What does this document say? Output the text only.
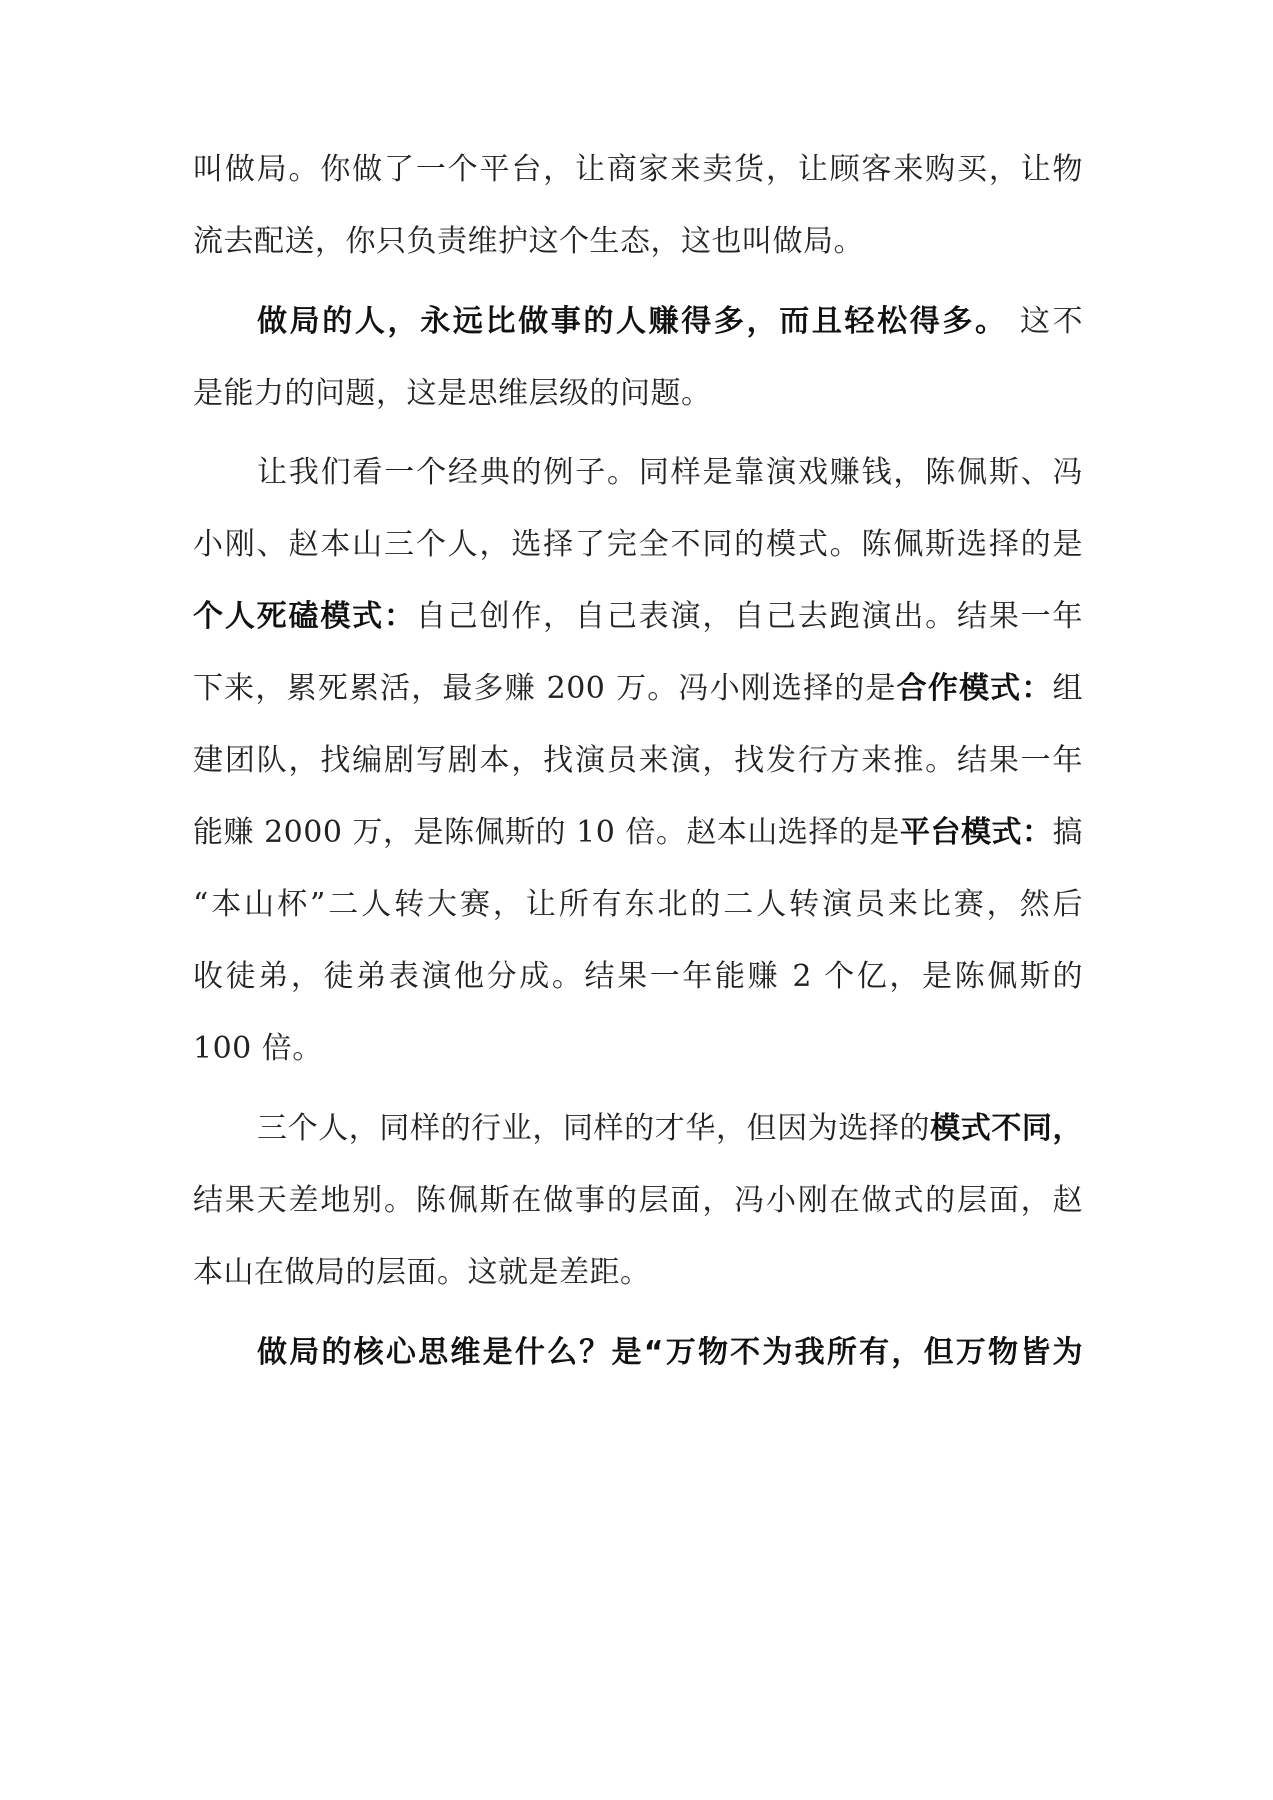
叫做局。你做了一个平台，让商家来卖货，让顾客来购买，让物
流去配送，你只负责维护这个生态，这也叫做局。
做局的人，永远比做事的人赚得多，而且轻松得多。 这不
是能力的问题，这是思维层级的问题。
让我们看一个经典的例子。同样是靠演戏赚钱，陈佩斯、冯
小刚、赵本山三个人，选择了完全不同的模式。陈佩斯选择的是
个人死磕模式：自己创作，自己表演，自己去跑演出。结果一年
下来，累死累活，最多赚 200 万。冯小刚选择的是合作模式：组
建团队，找编剧写剧本，找演员来演，找发行方来推。结果一年
能赚 2000 万，是陈佩斯的 10 倍。赵本山选择的是平台模式：搞
“本山杯”二人转大赛，让所有东北的二人转演员来比赛，然后
收徒弟，徒弟表演他分成。结果一年能赚 2 个亿，是陈佩斯的
100 倍。
三个人，同样的行业，同样的才华，但因为选择的模式不同，
结果天差地别。陈佩斯在做事的层面，冯小刚在做式的层面，赵
本山在做局的层面。这就是差距。
做局的核心思维是什么？是“万物不为我所有，但万物皆为
